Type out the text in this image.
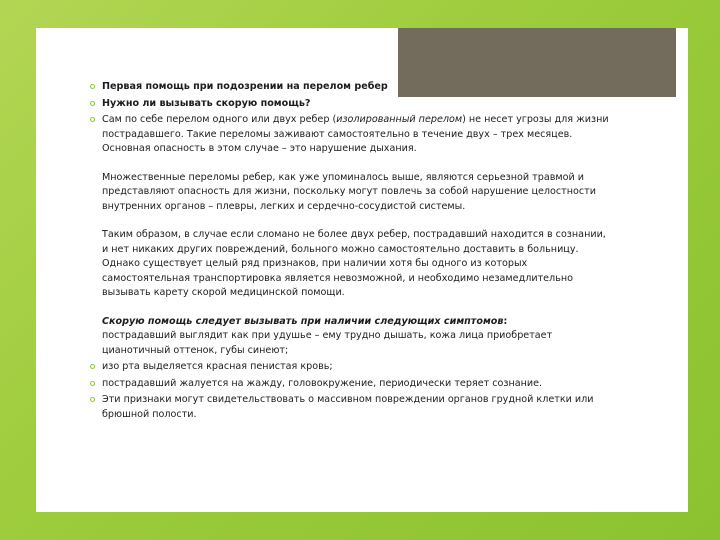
Первая помощь при подозрении на перелом ребер
Нужно ли вызывать скорую помощь?

Сам по себе перелом одного или двух ребер (изолированный перелом) не несет угрозы для жизни пострадавшего. Такие переломы заживают самостоятельно в течение двух – трех месяцев. Основная опасность в этом случае – это нарушение дыхания.

Множественные переломы ребер, как уже упоминалось выше, являются серьезной травмой и представляют опасность для жизни, поскольку могут повлечь за собой нарушение целостности внутренних органов – плевры, легких и сердечно-сосудистой системы.

Таким образом, в случае если сломано не более двух ребер, пострадавший находится в сознании, и нет никаких других повреждений, больного можно самостоятельно доставить в больницу. Однако существует целый ряд признаков, при наличии хотя бы одного из которых самостоятельная транспортировка является невозможной, и необходимо незамедлительно вызывать карету скорой медицинской помощи.

Скорую помощь следует вызывать при наличии следующих симптомов:
пострадавший выглядит как при удушье – ему трудно дышать, кожа лица приобретает цианотичный оттенок, губы синеют;

изо рта выделяется красная пенистая кровь;
пострадавший жалуется на жажду, головокружение, периодически теряет сознание.
Эти признаки могут свидетельствовать о массивном повреждении органов грудной клетки или брюшной полости.
